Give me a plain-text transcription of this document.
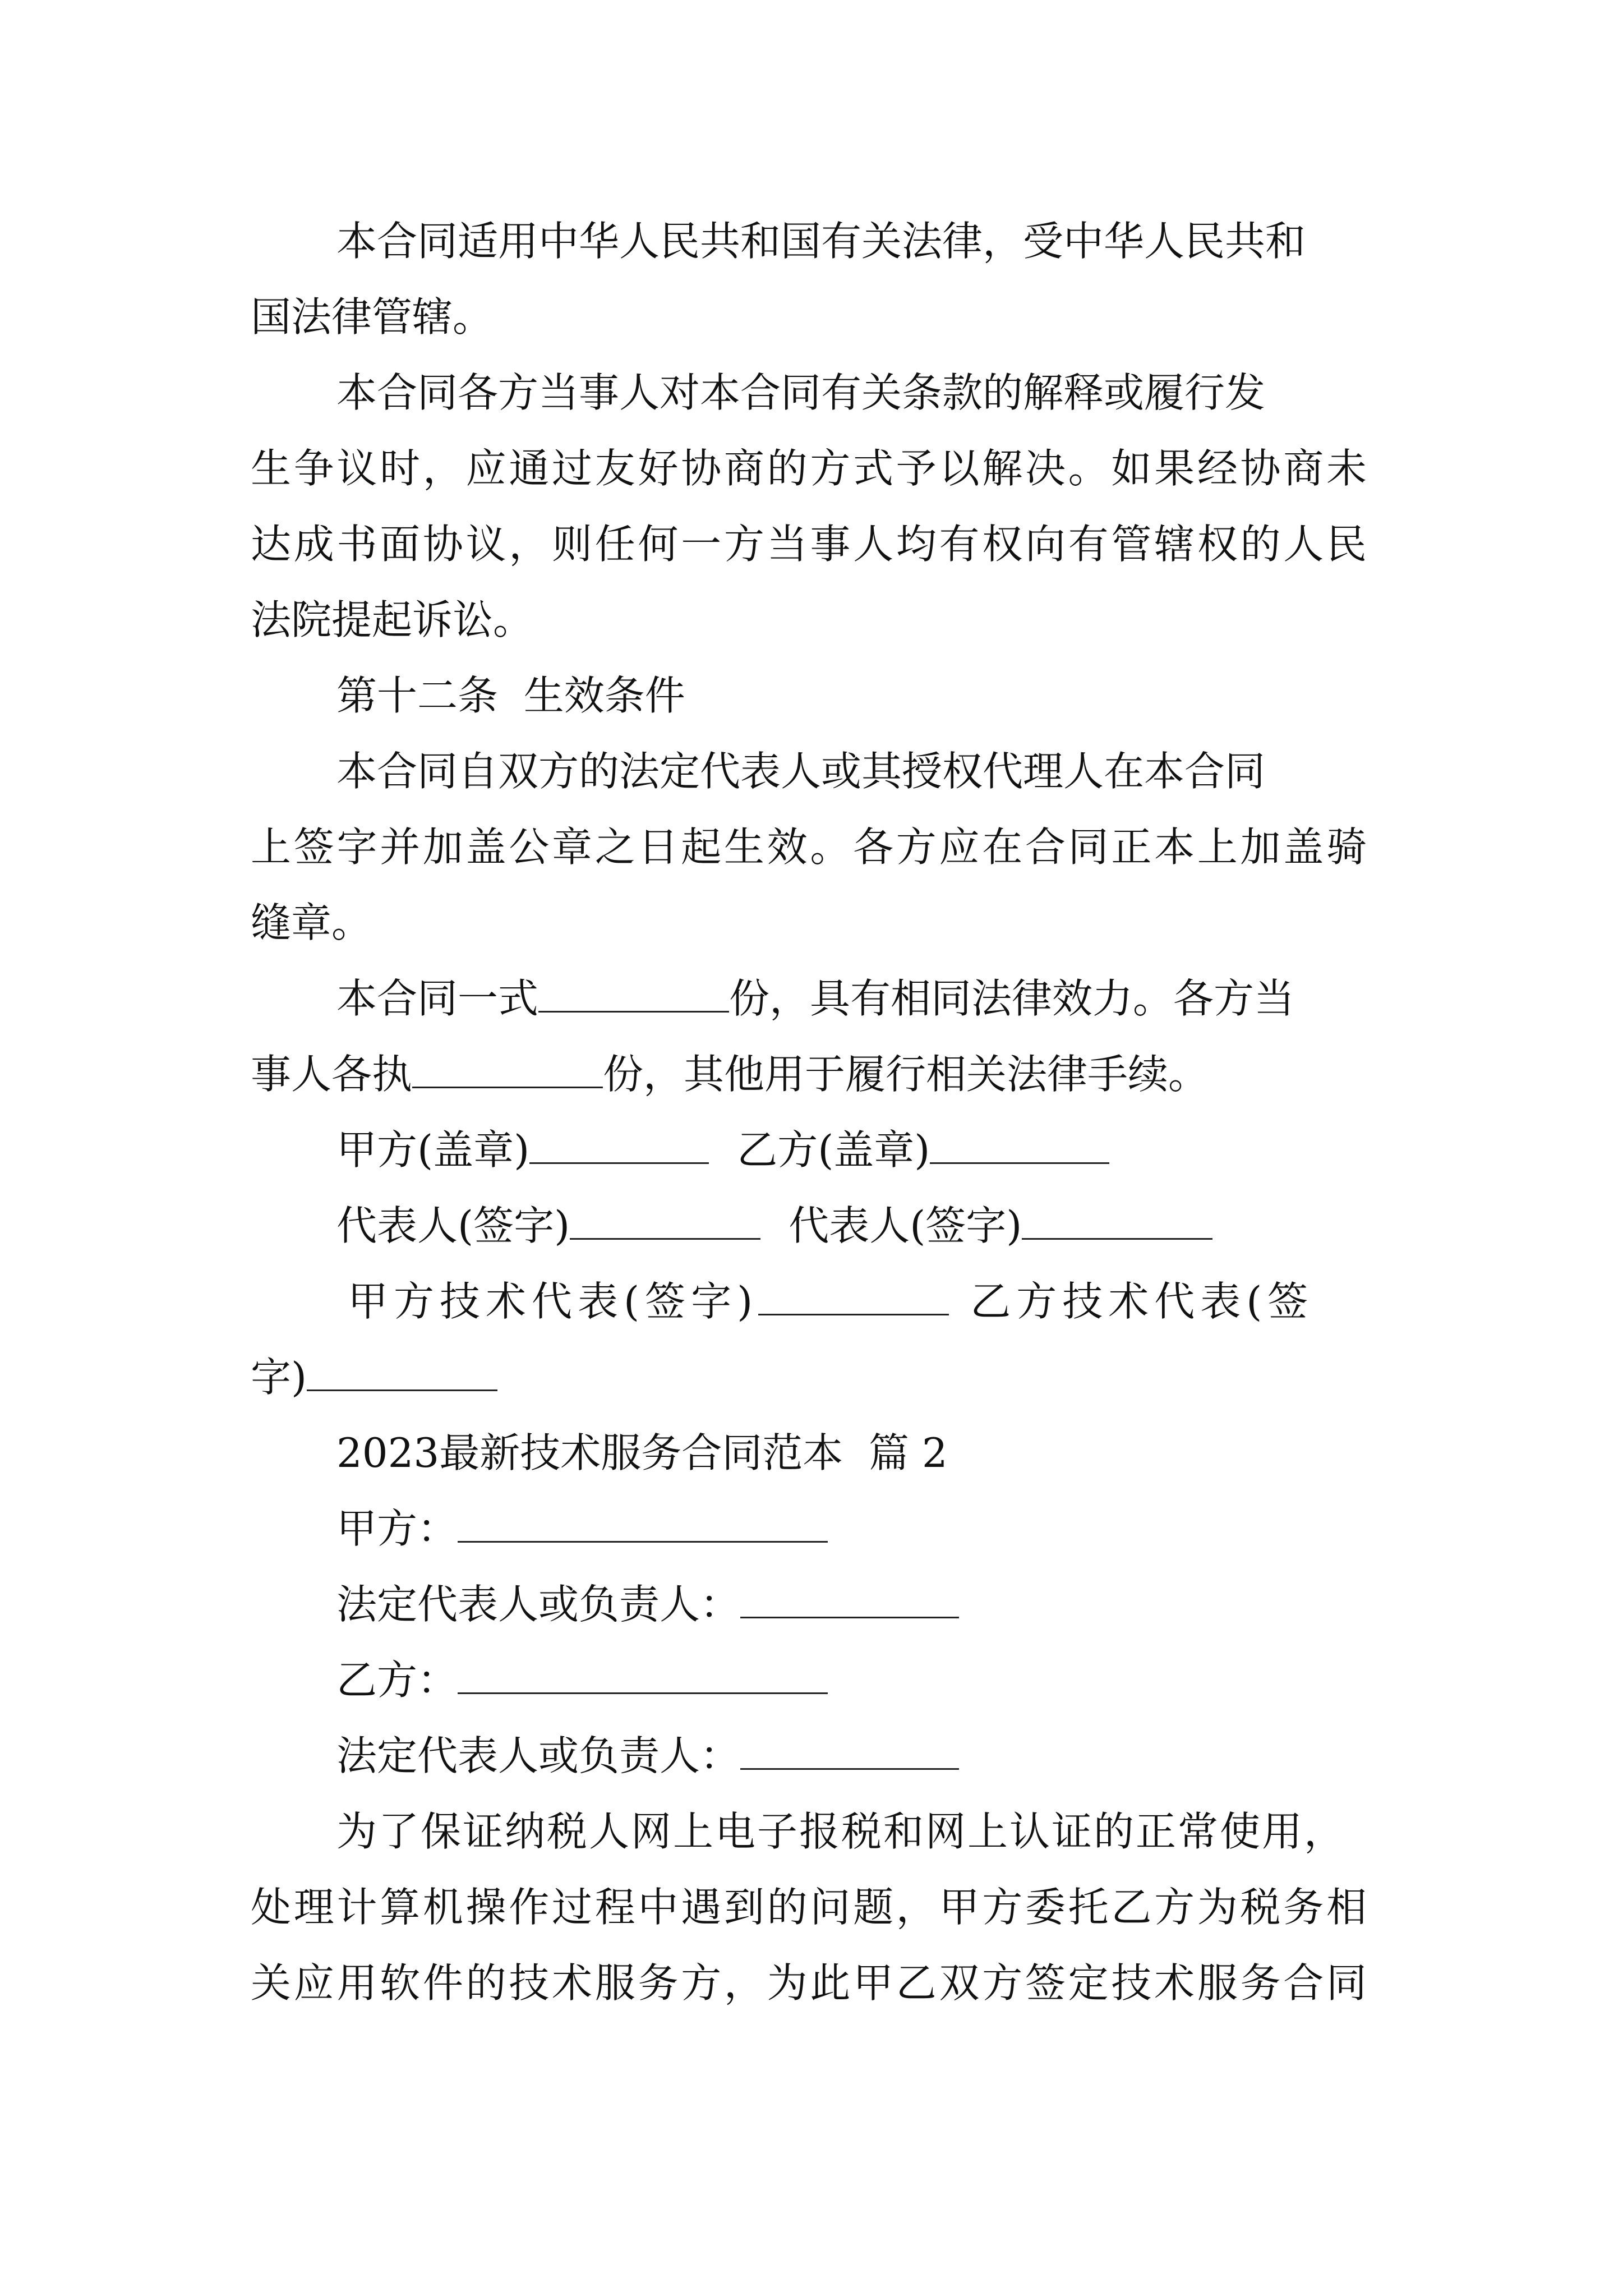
本合同适用中华人民共和国有关法律，受中华人民共和
国法律管辖。
本合同各方当事人对本合同有关条款的解释或履行发
生争议时，应通过友好协商的方式予以解决。如果经协商未
达成书面协议，则任何一方当事人均有权向有管辖权的人民
法院提起诉讼。
第十二条  生效条件
本合同自双方的法定代表人或其授权代理人在本合同
上签字并加盖公章之日起生效。各方应在合同正本上加盖骑
缝章。
本合同一式	份，具有相同法律效力。各方当
事人各执	份，其他用于履行相关法律手续。
甲方(盖章)	乙方(盖章)
代表人(签字)	代表人(签字)
甲方技术代表(签字)	乙方技术代表(签
字)
2023最新技术服务合同范本  篇 2
甲方：
法定代表人或负责人：
乙方：
法定代表人或负责人：
为了保证纳税人网上电子报税和网上认证的正常使用，
处理计算机操作过程中遇到的问题，甲方委托乙方为税务相
关应用软件的技术服务方，为此甲乙双方签定技术服务合同
